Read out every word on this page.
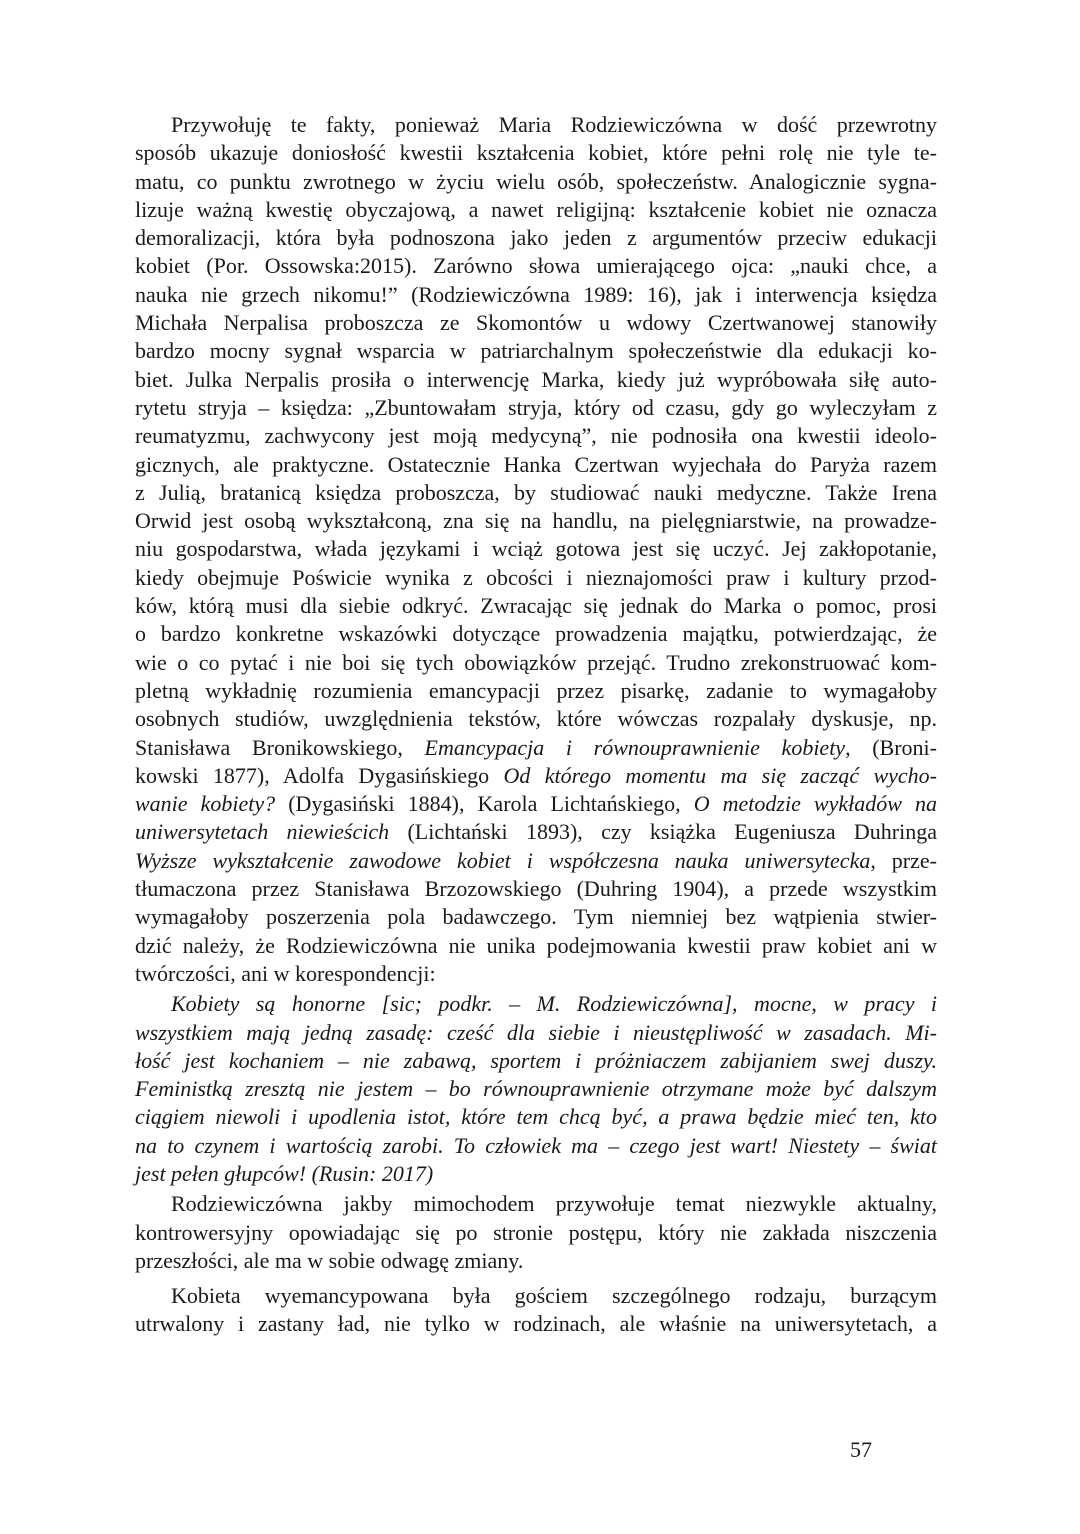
Przywołuję te fakty, ponieważ Maria Rodziewiczówna w dość przewrotny
sposób ukazuje doniosłość kwestii kształcenia kobiet, które pełni rolę nie tyle te-
matu, co punktu zwrotnego w życiu wielu osób, społeczeństw. Analogicznie sygna-
lizuje ważną kwestię obyczajową, a nawet religijną: kształcenie kobiet nie oznacza
demoralizacji, która była podnoszona jako jeden z argumentów przeciw edukacji
kobiet (Por. Ossowska:2015). Zarówno słowa umierającego ojca: „nauki chce, a
nauka nie grzech nikomu!” (Rodziewiczówna 1989: 16), jak i interwencja księdza
Michała Nerpalisa proboszcza ze Skomontów u wdowy Czertwanowej stanowiły
bardzo mocny sygnał wsparcia w patriarchalnym społeczeństwie dla edukacji ko-
biet. Julka Nerpalis prosiła o interwencję Marka, kiedy już wypróbowała siłę auto-
rytetu stryja – księdza: „Zbuntowałam stryja, który od czasu, gdy go wyleczyłam z
reumatyzmu, zachwycony jest moją medycyną”, nie podnosiła ona kwestii ideolo-
gicznych, ale praktyczne. Ostatecznie Hanka Czertwan wyjechała do Paryża razem
z Julią, bratanicą księdza proboszcza, by studiować nauki medyczne. Także Irena
Orwid jest osobą wykształconą, zna się na handlu, na pielęgniarstwie, na prowadze-
niu gospodarstwa, włada językami i wciąż gotowa jest się uczyć. Jej zakłopotanie,
kiedy obejmuje Poświcie wynika z obcości i nieznajomości praw i kultury przod-
ków, którą musi dla siebie odkryć. Zwracając się jednak do Marka o pomoc, prosi
o bardzo konkretne wskazówki dotyczące prowadzenia majątku, potwierdzając, że
wie o co pytać i nie boi się tych obowiązków przejąć. Trudno zrekonstruować kom-
pletną wykładnię rozumienia emancypacji przez pisarkę, zadanie to wymagałoby
osobnych studiów, uwzględnienia tekstów, które wówczas rozpalały dyskusje, np.
Stanisława Bronikowskiego, Emancypacja i równouprawnienie kobiety, (Broni-
kowski 1877), Adolfa Dygasińskiego Od którego momentu ma się zacząć wycho-
wanie kobiety? (Dygasiński 1884), Karola Lichtańskiego, O metodzie wykładów na
uniwersytetach niewieścich (Lichtański 1893), czy książka Eugeniusza Duhringa
Wyższe wykształcenie zawodowe kobiet i współczesna nauka uniwersytecka, prze-
tłumaczona przez Stanisława Brzozowskiego (Duhring 1904), a przede wszystkim
wymagałoby poszerzenia pola badawczego. Tym niemniej bez wątpienia stwier-
dzić należy, że Rodziewiczówna nie unika podejmowania kwestii praw kobiet ani w
twórczości, ani w korespondencji:
Kobiety są honorne [sic; podkr. – M. Rodziewiczówna], mocne, w pracy i
wszystkiem mają jedną zasadę: cześć dla siebie i nieustępliwość w zasadach. Mi-
łość jest kochaniem – nie zabawą, sportem i próżniaczem zabijaniem swej duszy.
Feministką zresztą nie jestem – bo równouprawnienie otrzymane może być dalszym
ciągiem niewoli i upodlenia istot, które tem chcą być, a prawa będzie mieć ten, kto
na to czynem i wartością zarobi. To człowiek ma – czego jest wart! Niestety – świat
jest pełen głupców! (Rusin: 2017)
Rodziewiczówna jakby mimochodem przywołuje temat niezwykle aktualny,
kontrowersyjny opowiadając się po stronie postępu, który nie zakłada niszczenia
przeszłości, ale ma w sobie odwagę zmiany.
Kobieta wyemancypowana była gościem szczególnego rodzaju, burzącym
utrwalony i zastany ład, nie tylko w rodzinach, ale właśnie na uniwersytetach, a
57
